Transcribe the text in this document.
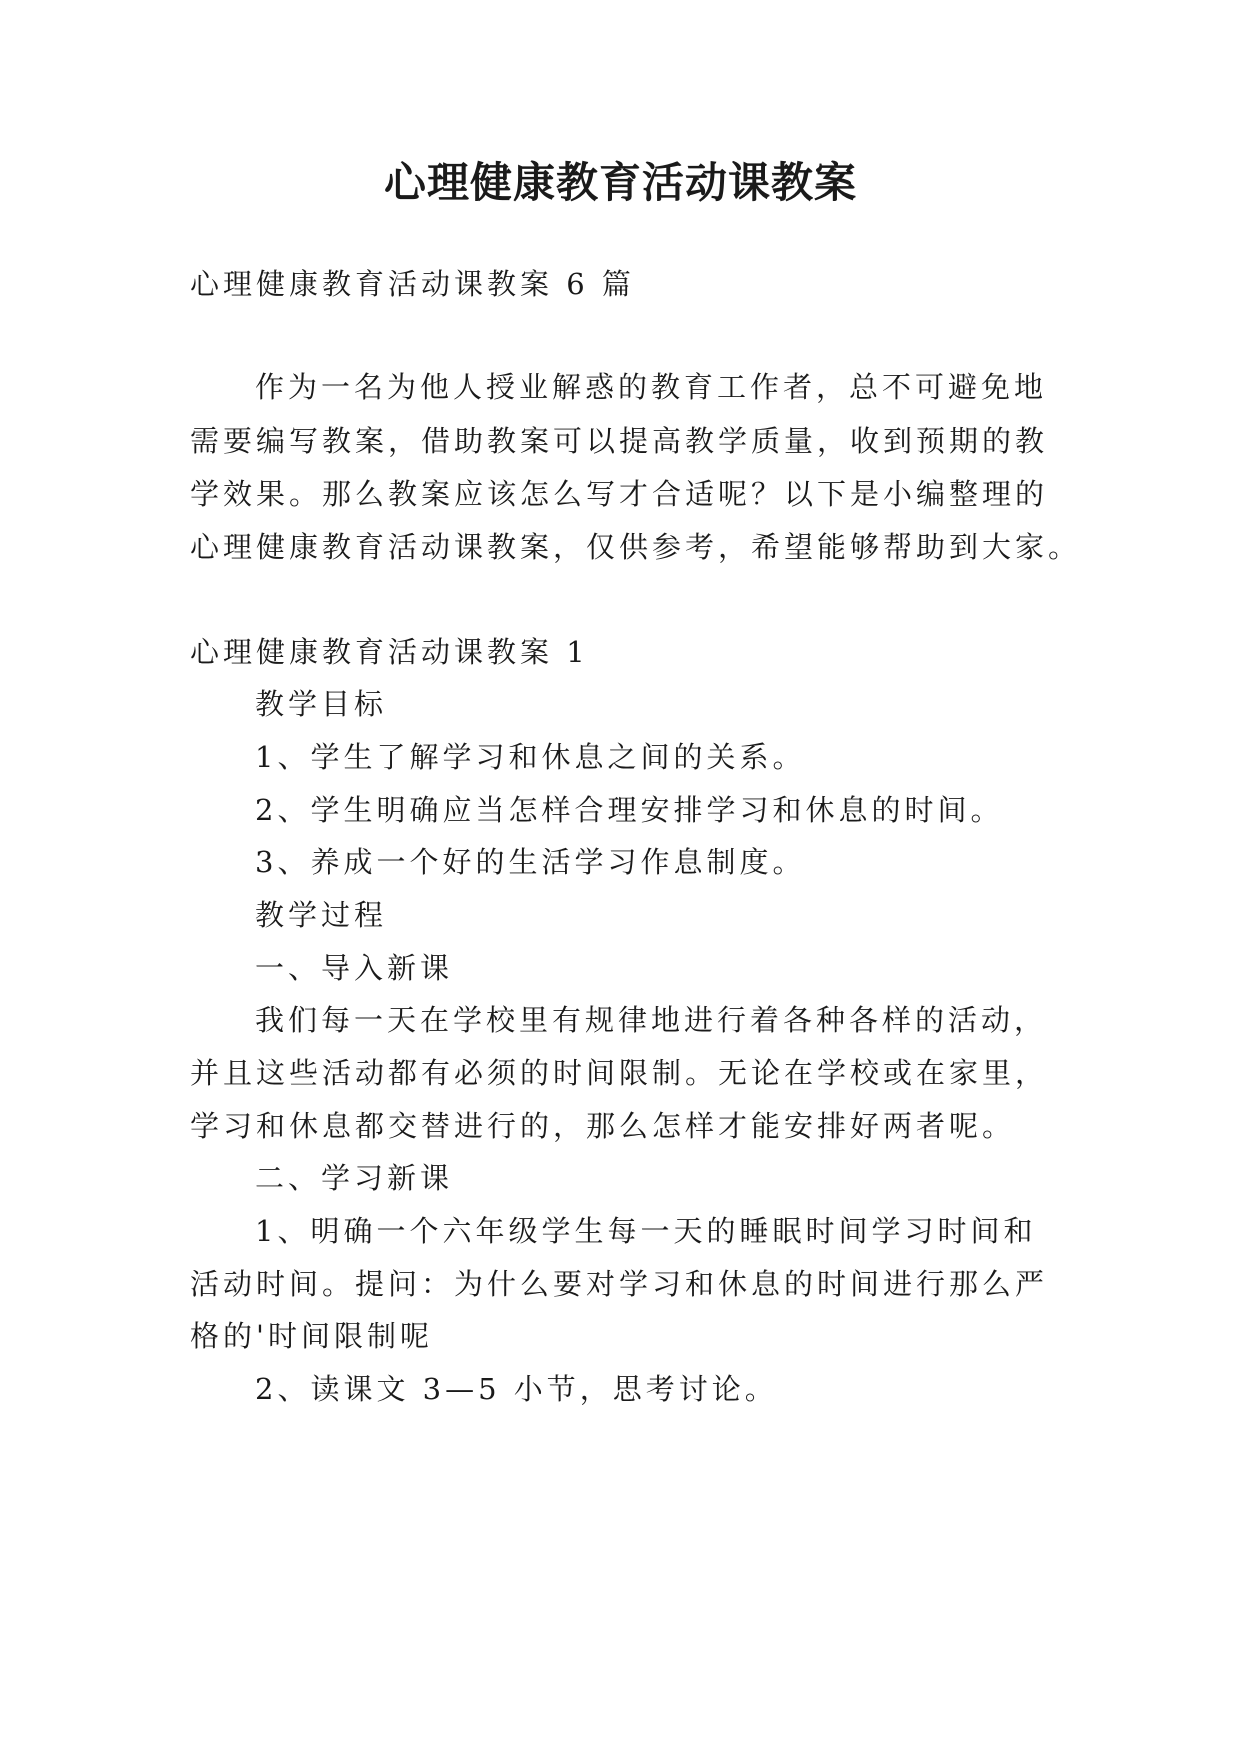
心理健康教育活动课教案

心理健康教育活动课教案 6 篇

作为一名为他人授业解惑的教育工作者，总不可避免地

需要编写教案，借助教案可以提高教学质量，收到预期的教

学效果。那么教案应该怎么写才合适呢？以下是小编整理的

心理健康教育活动课教案，仅供参考，希望能够帮助到大家。

心理健康教育活动课教案 1

教学目标

1、学生了解学习和休息之间的关系。

2、学生明确应当怎样合理安排学习和休息的时间。

3、养成一个好的生活学习作息制度。

教学过程

一、导入新课

我们每一天在学校里有规律地进行着各种各样的活动，

并且这些活动都有必须的时间限制。无论在学校或在家里，

学习和休息都交替进行的，那么怎样才能安排好两者呢。

二、学习新课

1、明确一个六年级学生每一天的睡眠时间学习时间和

活动时间。提问：为什么要对学习和休息的时间进行那么严

格的'时间限制呢

2、读课文 3—5 小节，思考讨论。
